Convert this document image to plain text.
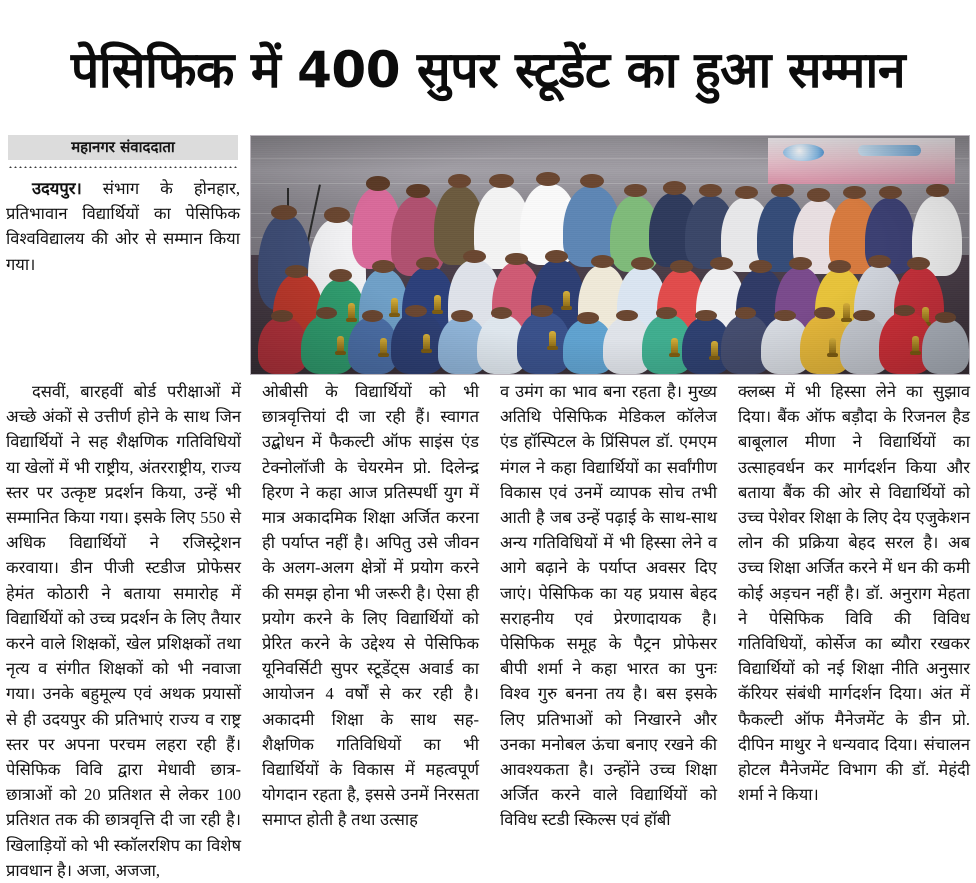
पेसिफिक में 400 सुपर स्टूडेंट का हुआ सम्मान
महानगर संवाददाता

उदयपुर। संभाग के होनहार, प्रतिभावान विद्यार्थियों का पेसिफिक विश्वविद्यालय की ओर से सम्मान किया गया।

दसवीं, बारहवीं बोर्ड परीक्षाओं में अच्छे अंकों से उत्तीर्ण होने के साथ जिन विद्यार्थियों ने सह शैक्षणिक गतिविधियों या खेलों में भी राष्ट्रीय, अंतरराष्ट्रीय, राज्य स्तर पर उत्कृष्ट प्रदर्शन किया, उन्हें भी सम्मानित किया गया। इसके लिए 550 से अधिक विद्यार्थियों ने रजिस्ट्रेशन करवाया। डीन पीजी स्टडीज प्रोफेसर हेमंत कोठारी ने बताया समारोह में विद्यार्थियों को उच्च प्रदर्शन के लिए तैयार करने वाले शिक्षकों, खेल प्रशिक्षकों तथा नृत्य व संगीत शिक्षकों को भी नवाजा गया। उनके बहुमूल्य एवं अथक प्रयासों से ही उदयपुर की प्रतिभाएं राज्य व राष्ट्र स्तर पर अपना परचम लहरा रही हैं। पेसिफिक विवि द्वारा मेधावी छात्र-छात्राओं को 20 प्रतिशत से लेकर 100 प्रतिशत तक की छात्रवृत्ति दी जा रही है। खिलाड़ियों को भी स्कॉलरशिप का विशेष प्रावधान है। अजा, अजजा,

ओबीसी के विद्यार्थियों को भी छात्रवृत्तियां दी जा रही हैं। स्वागत उद्बोधन में फैकल्टी ऑफ साइंस एंड टेक्नोलॉजी के चेयरमेन प्रो. दिलेन्द्र हिरण ने कहा आज प्रतिस्पर्धी युग में मात्र अकादमिक शिक्षा अर्जित करना ही पर्याप्त नहीं है। अपितु उसे जीवन के अलग-अलग क्षेत्रों में प्रयोग करने की समझ होना भी जरूरी है। ऐसा ही प्रयोग करने के लिए विद्यार्थियों को प्रेरित करने के उद्देश्य से पेसिफिक यूनिवर्सिटी सुपर स्टूडेंट्स अवार्ड का आयोजन 4 वर्षों से कर रही है। अकादमी शिक्षा के साथ सह-शैक्षणिक गतिविधियों का भी विद्यार्थियों के विकास में महत्वपूर्ण योगदान रहता है, इससे उनमें निरसता समाप्त होती है तथा उत्साह

व उमंग का भाव बना रहता है। मुख्य अतिथि पेसिफिक मेडिकल कॉलेज एंड हॉस्पिटल के प्रिंसिपल डॉ. एमएम मंगल ने कहा विद्यार्थियों का सर्वांगीण विकास एवं उनमें व्यापक सोच तभी आती है जब उन्हें पढ़ाई के साथ-साथ अन्य गतिविधियों में भी हिस्सा लेने व आगे बढ़ाने के पर्याप्त अवसर दिए जाएं। पेसिफिक का यह प्रयास बेहद सराहनीय एवं प्रेरणादायक है। पेसिफिक समूह के पैट्रन प्रोफेसर बीपी शर्मा ने कहा भारत का पुनः विश्व गुरु बनना तय है। बस इसके लिए प्रतिभाओं को निखारने और उनका मनोबल ऊंचा बनाए रखने की आवश्यकता है। उन्होंने उच्च शिक्षा अर्जित करने वाले विद्यार्थियों को विविध स्टडी स्किल्स एवं हॉबी

क्लब्स में भी हिस्सा लेने का सुझाव दिया। बैंक ऑफ बड़ौदा के रिजनल हैड बाबूलाल मीणा ने विद्यार्थियों का उत्साहवर्धन कर मार्गदर्शन किया और बताया बैंक की ओर से विद्यार्थियों को उच्च पेशेवर शिक्षा के लिए देय एजुकेशन लोन की प्रक्रिया बेहद सरल है। अब उच्च शिक्षा अर्जित करने में धन की कमी कोई अड़चन नहीं है। डॉ. अनुराग मेहता ने पेसिफिक विवि की विविध गतिविधियों, कोर्सेज का ब्यौरा रखकर विद्यार्थियों को नई शिक्षा नीति अनुसार कॅरियर संबंधी मार्गदर्शन दिया। अंत में फैकल्टी ऑफ मैनेजमेंट के डीन प्रो. दीपिन माथुर ने धन्यवाद दिया। संचालन होटल मैनेजमेंट विभाग की डॉ. मेहंदी शर्मा ने किया।
